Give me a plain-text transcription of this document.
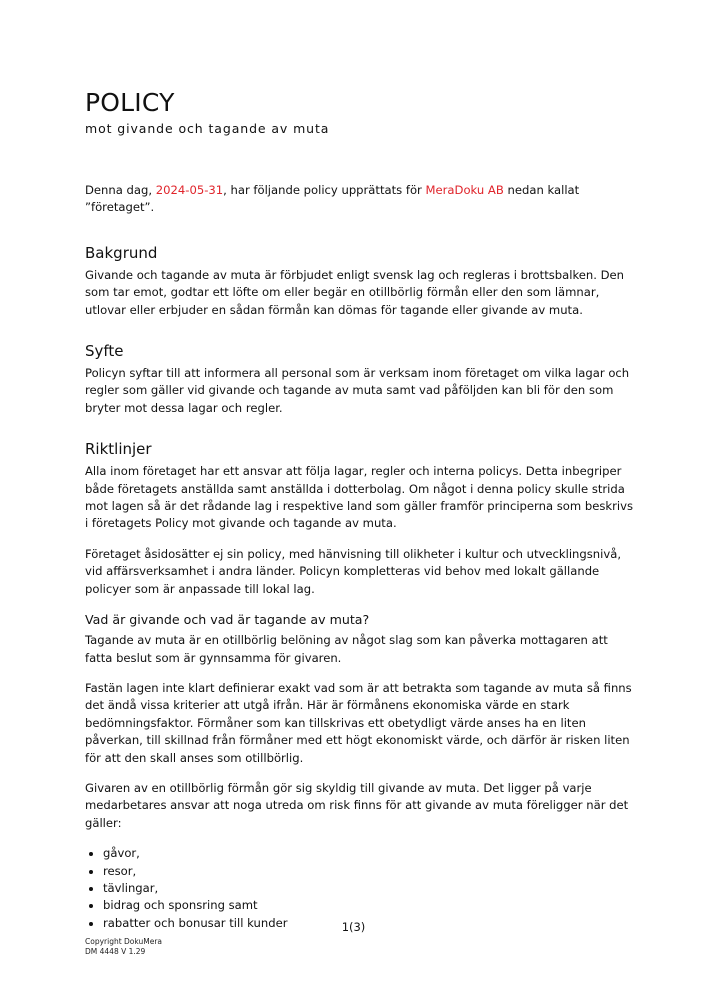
POLICY
mot givande och tagande av muta

Denna dag, 2024-05-31, har följande policy upprättats för MeraDoku AB nedan kallat ”företaget”.

Bakgrund

Givande och tagande av muta är förbjudet enligt svensk lag och regleras i brottsbalken. Den som tar emot, godtar ett löfte om eller begär en otillbörlig förmån eller den som lämnar, utlovar eller erbjuder en sådan förmån kan dömas för tagande eller givande av muta.

Syfte

Policyn syftar till att informera all personal som är verksam inom företaget om vilka lagar och regler som gäller vid givande och tagande av muta samt vad påföljden kan bli för den som bryter mot dessa lagar och regler.

Riktlinjer

Alla inom företaget har ett ansvar att följa lagar, regler och interna policys. Detta inbegriper både företagets anställda samt anställda i dotterbolag. Om något i denna policy skulle strida mot lagen så är det rådande lag i respektive land som gäller framför principerna som beskrivs i företagets Policy mot givande och tagande av muta.

Företaget åsidosätter ej sin policy, med hänvisning till olikheter i kultur och utvecklingsnivå, vid affärsverksamhet i andra länder. Policyn kompletteras vid behov med lokalt gällande policyer som är anpassade till lokal lag.

Vad är givande och vad är tagande av muta?

Tagande av muta är en otillbörlig belöning av något slag som kan påverka mottagaren att fatta beslut som är gynnsamma för givaren.

Fastän lagen inte klart definierar exakt vad som är att betrakta som tagande av muta så finns det ändå vissa kriterier att utgå ifrån. Här är förmånens ekonomiska värde en stark bedömningsfaktor. Förmåner som kan tillskrivas ett obetydligt värde anses ha en liten påverkan, till skillnad från förmåner med ett högt ekonomiskt värde, och därför är risken liten för att den skall anses som otillbörlig.

Givaren av en otillbörlig förmån gör sig skyldig till givande av muta. Det ligger på varje medarbetares ansvar att noga utreda om risk finns för att givande av muta föreligger när det gäller:

• gåvor,
• resor,
• tävlingar,
• bidrag och sponsring samt
• rabatter och bonusar till kunder	1(3)
Copyright DokuMera
DM 4448 V 1.29
